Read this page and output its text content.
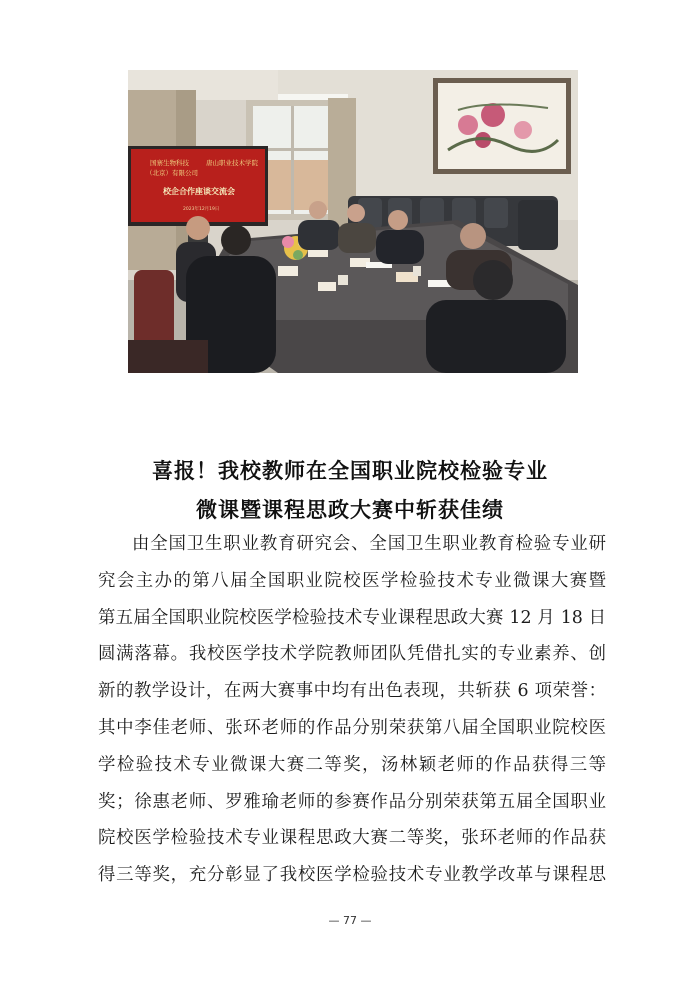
国寨生物科技
（北京）有限公司
唐山职业技术学院
校企合作座谈交流会
2023年12月19日
喜报！我校教师在全国职业院校检验专业
微课暨课程思政大赛中斩获佳绩
由全国卫生职业教育研究会、全国卫生职业教育检验专业研
究会主办的第八届全国职业院校医学检验技术专业微课大赛暨
第五届全国职业院校医学检验技术专业课程思政大赛 12 月 18 日
圆满落幕。我校医学技术学院教师团队凭借扎实的专业素养、创
新的教学设计，在两大赛事中均有出色表现，共斩获 6 项荣誉：
其中李佳老师、张环老师的作品分别荣获第八届全国职业院校医
学检验技术专业微课大赛二等奖，汤林颖老师的作品获得三等
奖；徐惠老师、罗雅瑜老师的参赛作品分别荣获第五届全国职业
院校医学检验技术专业课程思政大赛二等奖，张环老师的作品获
得三等奖，充分彰显了我校医学检验技术专业教学改革与课程思
— 77 —
